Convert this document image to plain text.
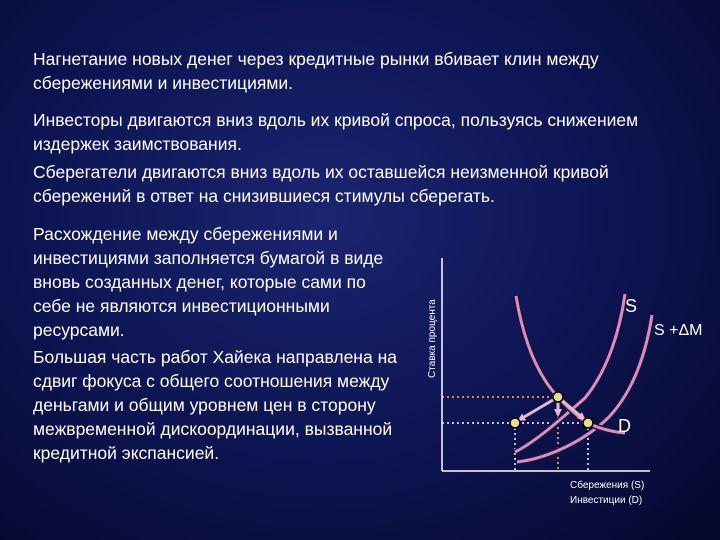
Нагнетание новых денег через кредитные рынки вбивает клин между сбережениями и инвестициями.

Инвесторы двигаются вниз вдоль их кривой спроса, пользуясь снижением издержек заимствования.

Сберегатели двигаются вниз вдоль их оставшейся неизменной кривой сбережений в ответ на снизившиеся стимулы сберегать.

Расхождение между сбережениями и инвестициями заполняется бумагой в виде вновь созданных денег, которые сами по себе не являются инвестиционными ресурсами.

Большая часть работ Хайека направлена на сдвиг фокуса с общего соотношения между деньгами и общим уровнем цен в сторону межвременной дискоординации, вызванной кредитной экспансией.

Ставка процента	S
S +ΔM
D
Сбережения (S)
Инвестиции (D)
